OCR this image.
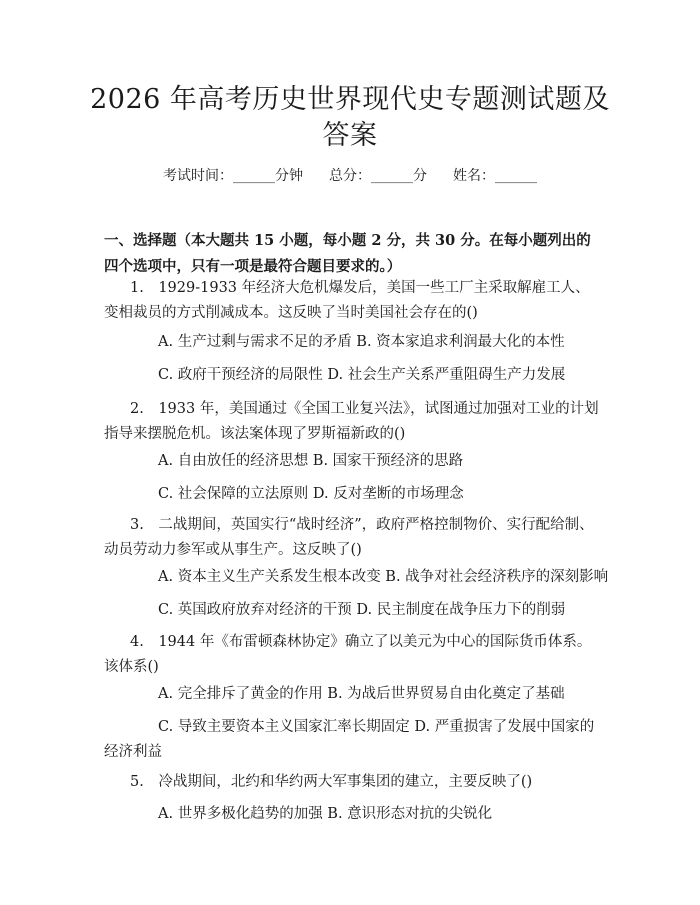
2026 年高考历史世界现代史专题测试题及答案
考试时间：______分钟 总分：______分 姓名：______
一、选择题（本大题共 15 小题，每小题 2 分，共 30 分。在每小题列出的四个选项中，只有一项是最符合题目要求的。）
1.　1929-1933 年经济大危机爆发后，美国一些工厂主采取解雇工人、变相裁员的方式削减成本。这反映了当时美国社会存在的()
A. 生产过剩与需求不足的矛盾 B. 资本家追求利润最大化的本性
C. 政府干预经济的局限性 D. 社会生产关系严重阻碍生产力发展
2.　1933 年，美国通过《全国工业复兴法》，试图通过加强对工业的计划指导来摆脱危机。该法案体现了罗斯福新政的()
A. 自由放任的经济思想 B. 国家干预经济的思路
C. 社会保障的立法原则 D. 反对垄断的市场理念
3.　二战期间，英国实行“战时经济”，政府严格控制物价、实行配给制、动员劳动力参军或从事生产。这反映了()
A. 资本主义生产关系发生根本改变 B. 战争对社会经济秩序的深刻影响
C. 英国政府放弃对经济的干预 D. 民主制度在战争压力下的削弱
4.　1944 年《布雷顿森林协定》确立了以美元为中心的国际货币体系。该体系()
A. 完全排斥了黄金的作用 B. 为战后世界贸易自由化奠定了基础
C. 导致主要资本主义国家汇率长期固定 D. 严重损害了发展中国家的经济利益
5.　冷战期间，北约和华约两大军事集团的建立，主要反映了()
A. 世界多极化趋势的加强 B. 意识形态对抗的尖锐化
